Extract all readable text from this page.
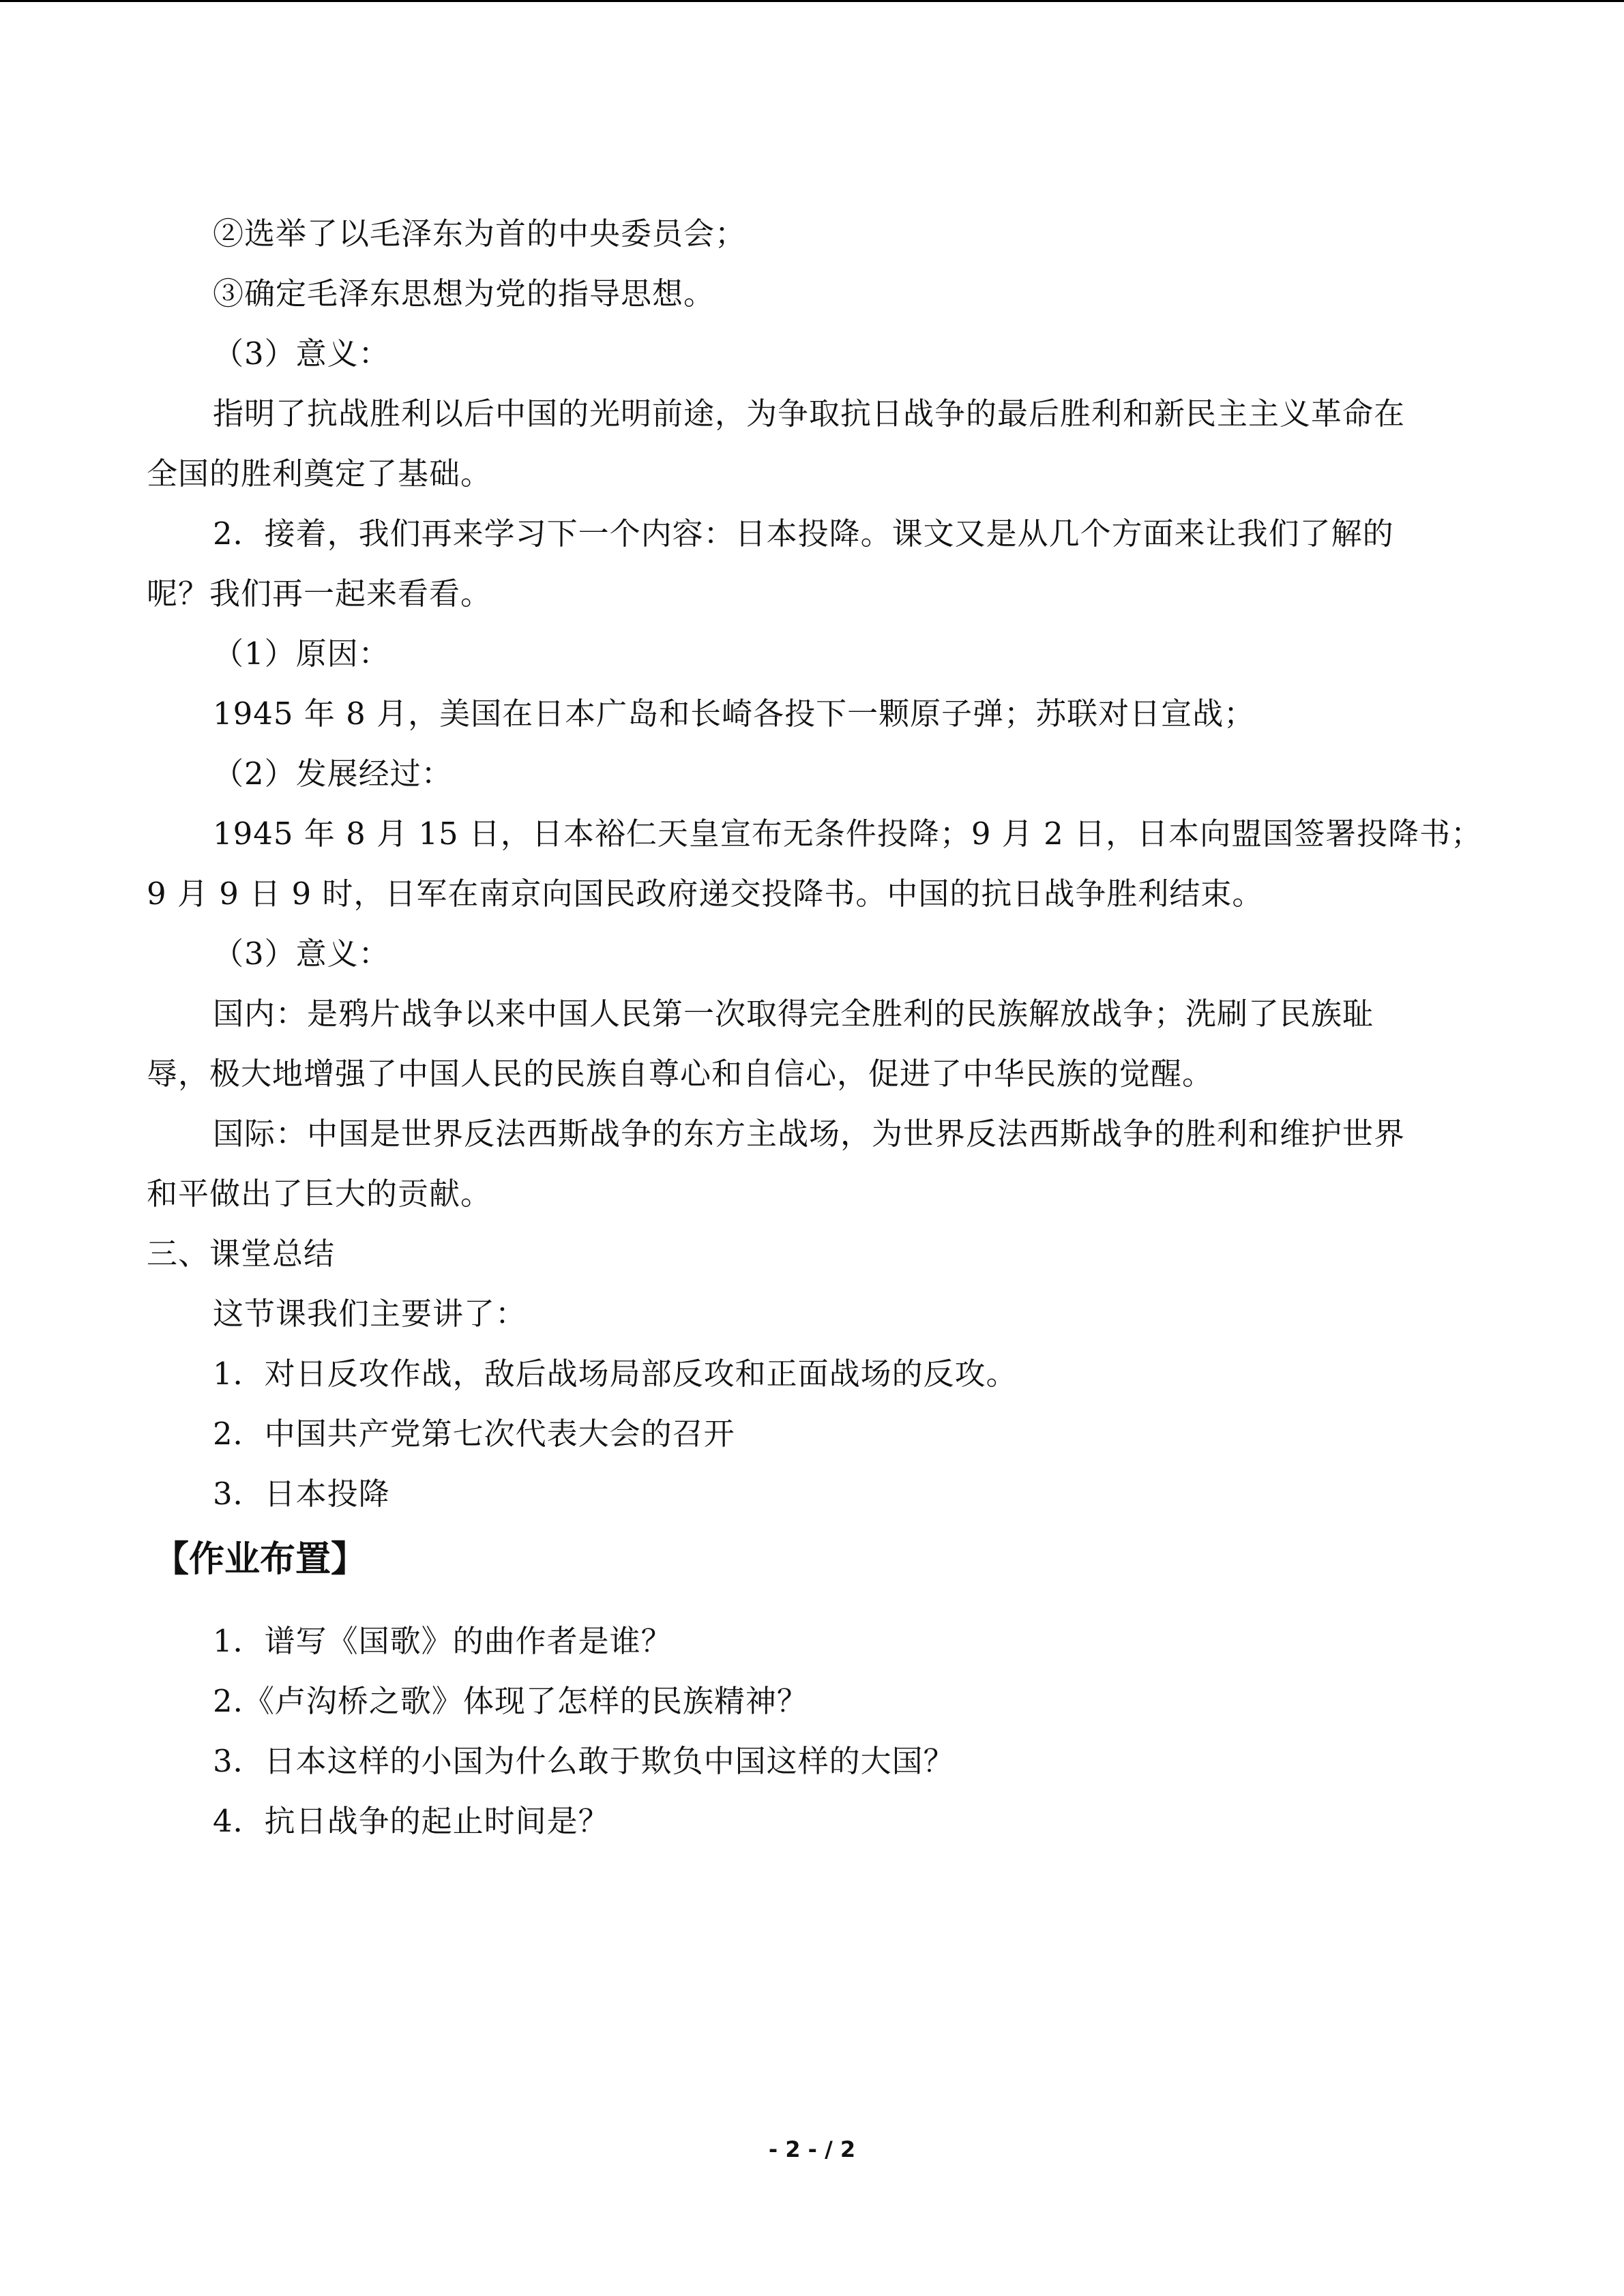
②选举了以毛泽东为首的中央委员会；
③确定毛泽东思想为党的指导思想。
（3）意义：
指明了抗战胜利以后中国的光明前途，为争取抗日战争的最后胜利和新民主主义革命在
全国的胜利奠定了基础。
2．接着，我们再来学习下一个内容：日本投降。课文又是从几个方面来让我们了解的
呢？我们再一起来看看。
（1）原因：
1945 年 8 月，美国在日本广岛和长崎各投下一颗原子弹；苏联对日宣战；
（2）发展经过：
1945 年 8 月 15 日，日本裕仁天皇宣布无条件投降；9 月 2 日，日本向盟国签署投降书；
9 月 9 日 9 时，日军在南京向国民政府递交投降书。中国的抗日战争胜利结束。
（3）意义：
国内：是鸦片战争以来中国人民第一次取得完全胜利的民族解放战争；洗刷了民族耻
辱，极大地增强了中国人民的民族自尊心和自信心，促进了中华民族的觉醒。
国际：中国是世界反法西斯战争的东方主战场，为世界反法西斯战争的胜利和维护世界
和平做出了巨大的贡献。
三、课堂总结
这节课我们主要讲了：
1．对日反攻作战，敌后战场局部反攻和正面战场的反攻。
2．中国共产党第七次代表大会的召开
3．日本投降
【作业布置】
1．谱写《国歌》的曲作者是谁？
2.《卢沟桥之歌》体现了怎样的民族精神？
3．日本这样的小国为什么敢于欺负中国这样的大国？
4．抗日战争的起止时间是？
- 2 - / 2
